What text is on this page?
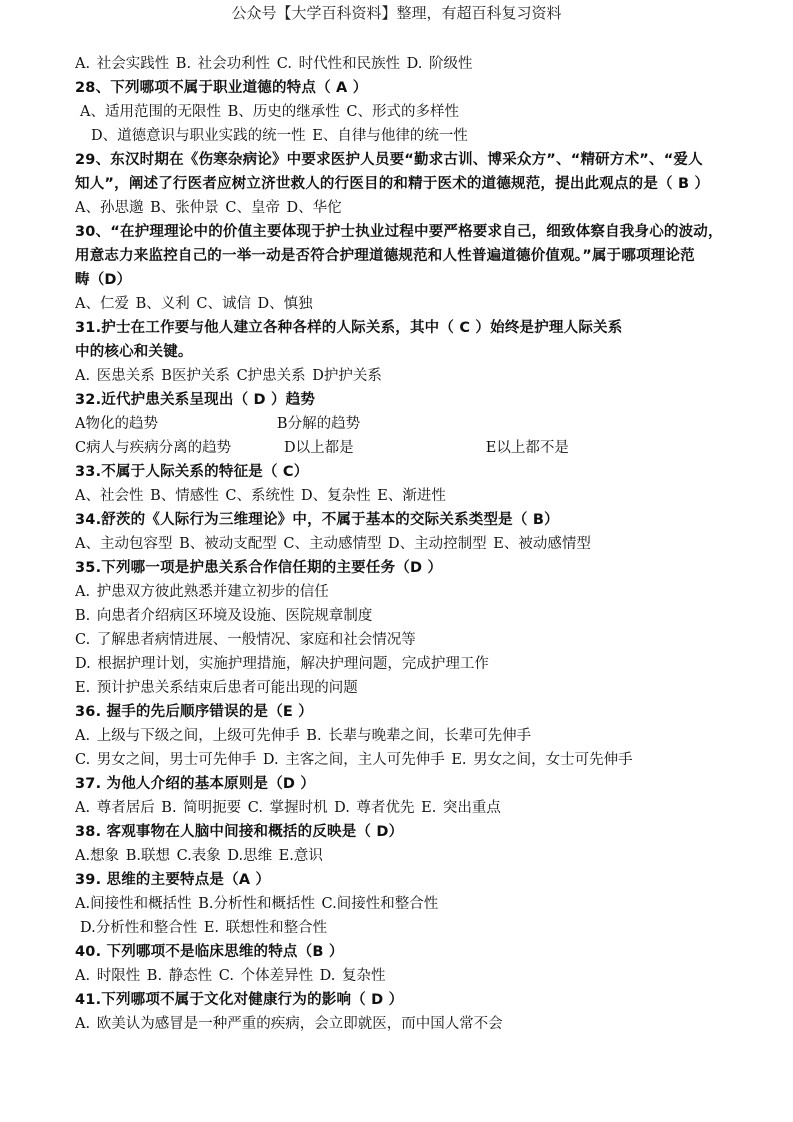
公众号【大学百科资料】整理，有超百科复习资料
A. 社会实践性 B. 社会功利性 C. 时代性和民族性 D. 阶级性
28、下列哪项不属于职业道德的特点（ A ）
A、适用范围的无限性 B、历史的继承性 C、形式的多样性
D、道德意识与职业实践的统一性 E、自律与他律的统一性
29、东汉时期在《伤寒杂病论》中要求医护人员要“勤求古训、博采众方”、“精研方术”、“爱人
知人”，阐述了行医者应树立济世救人的行医目的和精于医术的道德规范，提出此观点的是（ B ）
A、孙思邈 B、张仲景 C、皇帝 D、华佗
30、“在护理理论中的价值主要体现于护士执业过程中要严格要求自己，细致体察自我身心的波动，
用意志力来监控自己的一举一动是否符合护理道德规范和人性普遍道德价值观。”属于哪项理论范
畴（D）
A、仁爱 B、义利 C、诚信 D、慎独
31.护士在工作要与他人建立各种各样的人际关系，其中（ C ）始终是护理人际关系
中的核心和关键。
A. 医患关系 B医护关系 C护患关系 D护护关系
32.近代护患关系呈现出（ D ）趋势
A物化的趋势                  B分解的趋势
C病人与疾病分离的趋势        D以上都是                    E以上都不是
33.不属于人际关系的特征是（ C）
A、社会性 B、情感性 C、系统性 D、复杂性 E、渐进性
34.舒茨的《人际行为三维理论》中，不属于基本的交际关系类型是（ B）
A、主动包容型 B、被动支配型 C、主动感情型 D、主动控制型 E、被动感情型
35.下列哪一项是护患关系合作信任期的主要任务（D ）
A. 护患双方彼此熟悉并建立初步的信任
B. 向患者介绍病区环境及设施、医院规章制度
C. 了解患者病情进展、一般情况、家庭和社会情况等
D. 根据护理计划，实施护理措施，解决护理问题，完成护理工作
E. 预计护患关系结束后患者可能出现的问题
36. 握手的先后顺序错误的是（E ）
A. 上级与下级之间，上级可先伸手 B. 长辈与晚辈之间，长辈可先伸手
C. 男女之间，男士可先伸手 D. 主客之间，主人可先伸手 E. 男女之间，女士可先伸手
37. 为他人介绍的基本原则是（D ）
A. 尊者居后 B. 简明扼要 C. 掌握时机 D. 尊者优先 E. 突出重点
38. 客观事物在人脑中间接和概括的反映是（ D）
A.想象 B.联想 C.表象 D.思维 E.意识
39. 思维的主要特点是（A ）
A.间接性和概括性 B.分析性和概括性 C.间接性和整合性
D.分析性和整合性 E. 联想性和整合性
40. 下列哪项不是临床思维的特点（B ）
A. 时限性 B. 静态性 C. 个体差异性 D. 复杂性
41.下列哪项不属于文化对健康行为的影响（ D ）
A. 欧美认为感冒是一种严重的疾病，会立即就医，而中国人常不会
